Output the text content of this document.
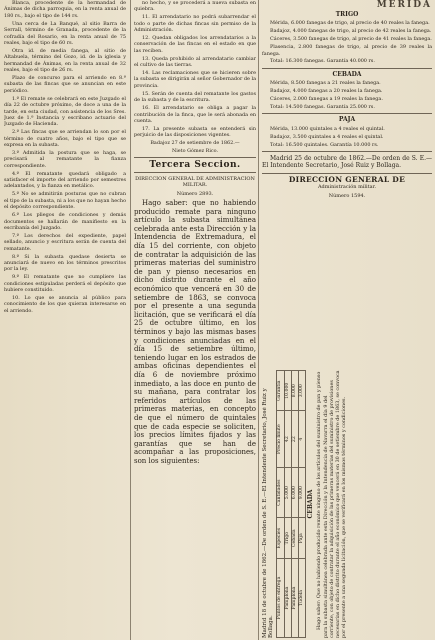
MERIDA

Blanca, procedente de la hermandad de Ánimas de dicha parroquia, en la renta anual de 180 rs., bajo el tipo de 144 rs.

Una cerca de La Banqué, al sitio Barra de Serrall, término de Granada, procedente de la cofradía del Rosario, en la renta anual de 75 reales, bajo el tipo de 60 rs.

Otra id. de media fanega, al sitio de Altabuela, término del Gozo, id. de la iglesia y hermandad de Ánimas, en la renta anual de 32 reales, bajo el tipo de 26 rs.

Plazo de concurso para el arriendo en 8.ª subasta de las fincas que se anuncian en este periódico.

1.º El remate se celebrará en este Juzgado el día 22 de octubre próximo, de doce a una de la tarde, en esta ciudad, con asistencia de los Sres. Juez de 1.ª Instancia y escribano actuario del Juzgado de Hacienda.

2.º Las fincas que se arriendan lo son por el término de cuatro años, bajo el tipo que se expresa en la subasta.

3.º Admitida la postura que se haga, se precisará al rematante la fianza correspondiente.

4.º El rematante quedará obligado a satisfacer el importe del arriendo por semestres adelantados, y la fianza en metálico.

5.º No se admitirán posturas que no cubran el tipo de la subasta, ni a los que no hayan hecho el depósito correspondiente.

6.º Los pliegos de condiciones y demás documentos se hallarán de manifiesto en la escribanía del Juzgado.

7.º Los derechos del expediente, papel sellado, anuncio y escritura serán de cuenta del rematante.

8.º Si la subasta quedase desierta se anunciará de nuevo en los términos prescritos por la ley.

9.º El rematante que no cumpliere las condiciones estipuladas perderá el depósito que hubiere constituido.

10. Lo que se anuncia al público para conocimiento de los que quieran interesarse en el arriendo.

no hecho, y se procederá a nueva subasta en quiebra.

11. El arrendatario no podrá subarrendar el todo o parte de dichas fincas sin permiso de la Administración.

12. Quedan obligados los arrendatarios a la conservación de las fincas en el estado en que las reciben.

13. Queda prohibido al arrendatario cambiar el cultivo de las tierras.

14. Las reclamaciones que se hicieren sobre la subasta se dirigirán al señor Gobernador de la provincia.

15. Serán de cuenta del rematante los gastos de la subasta y de la escritura.

16. El arrendatario se obliga a pagar la contribución de la finca, que le será abonada en cuenta.

17. La presente subasta se entenderá sin perjuicio de las disposiciones vigentes.

Badajoz 27 de setiembre de 1862.—

Nieto Gómez Rico.

Tercera Seccion.
DIRECCION GENERAL DE ADMINISTRACION MILITAR.
Número 2893.

Hago saber: que no habiendo producido remate para ninguno artículo la subasta simultánea celebrada ante esta Dirección y la Intendencia de Extremadura, el día 15 del corriente, con objeto de contratar la adquisición de las primeras materias del suministro de pan y pienso necesarios en dicho distrito durante el año económico que vencerá en 30 de setiembre de 1863, se convoca por el presente a una segunda licitación, que se verificará el día 25 de octubre último, en los términos y bajo las mismas bases y condiciones anunciadas en el día 15 de setiembre último, teniendo lugar en los estrados de ambas oficinas dependientes el día 6 de noviembre próximo inmediato, a las doce en punto de su mañana, para contratar los referidos artículos de las primeras materias, en concepto de que el número de quintales que de cada especie se soliciten, los precios límites fijados y las garantías que se han de acompañar a las proposiciones, son los siguientes:

TRIGO

Mérida, 6.000 fanegas de trigo, al precio de 40 reales la fanega.

Badajoz, 4.000 fanegas de trigo, al precio de 42 reales la fanega.

Cáceres, 3.500 fanegas de trigo, al precio de 41 reales la fanega.

Plasencia, 2.800 fanegas de trigo, al precio de 39 reales la fanega.

Total: 16.300 fanegas. Garantía 40.000 rs.

CEBADA

Mérida, 8.500 fanegas a 21 reales la fanega.

Badajoz, 4.000 fanegas a 20 reales la fanega.

Cáceres, 2.000 fanegas a 19 reales la fanega.

Total: 14.500 fanegas. Garantía 25.000 rs.

PAJA

Mérida, 13.000 quintales a 4 reales el quintal.

Badajoz, 3.500 quintales a 4 reales el quintal.

Total: 16.500 quintales. Garantía 10.000 rs.

Madrid 25 de octubre de 1862.—De orden de S. E.—El Intendente Secretario, José Ruiz y Bollaga.

DIRECCION GENERAL DE
Administración militar.
Número 1594.
Madrid 18 de octubre de 1862.—De orden de S. E.—El Intendente Secretario, José Ruiz y Bollaga.
Puntos de entrega	Especies	Cantidades	Precio límite	Garantía
Pamplona	Trigo	5.000	42	10.000
Pamplona	Cebada	6.000	22	8.000
Tudela	Paja	9.000	4	3.000
CEBADA Hago saber: Que no habiendo producido remate ninguno de los artículos del suministro de pan y pienso para la subasta simultánea celebrada ante esta Dirección y la Intendencia de Navarra el día 9 del corriente, con objeto de contratar la adquisición de las primeras materias del suministro de provisiones necesarias en dicho distrito durante el año económico que vencerá en 30 de setiembre de 1863, se convoca por el presente a una segunda licitación, que se verificará en los mismos términos y condiciones.
